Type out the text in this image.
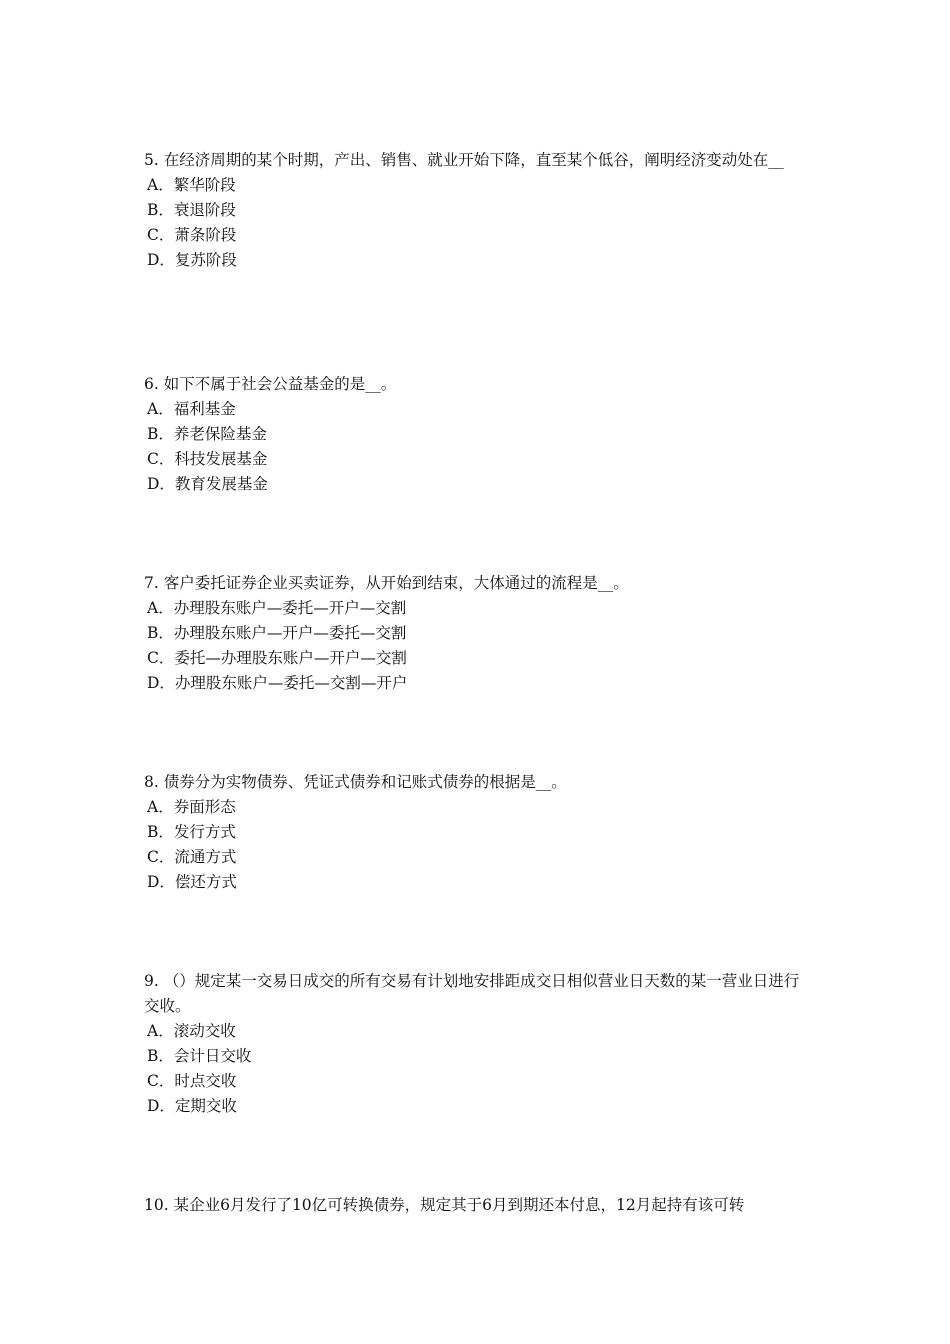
5. 在经济周期的某个时期，产出、销售、就业开始下降，直至某个低谷，阐明经济变动处在__
A．繁华阶段
B．衰退阶段
C．萧条阶段
D．复苏阶段
6. 如下不属于社会公益基金的是__。
A．福利基金
B．养老保险基金
C．科技发展基金
D．教育发展基金
7. 客户委托证券企业买卖证券，从开始到结束，大体通过的流程是__。
A．办理股东账户—委托—开户—交割
B．办理股东账户—开户—委托—交割
C．委托—办理股东账户—开户—交割
D．办理股东账户—委托—交割—开户
8. 债券分为实物债券、凭证式债券和记账式债券的根据是__。
A．券面形态
B．发行方式
C．流通方式
D．偿还方式
9. （）规定某一交易日成交的所有交易有计划地安排距成交日相似营业日天数的某一营业日进行交收。
A．滚动交收
B．会计日交收
C．时点交收
D．定期交收
10. 某企业6月发行了10亿可转换债券，规定其于6月到期还本付息，12月起持有该可转
